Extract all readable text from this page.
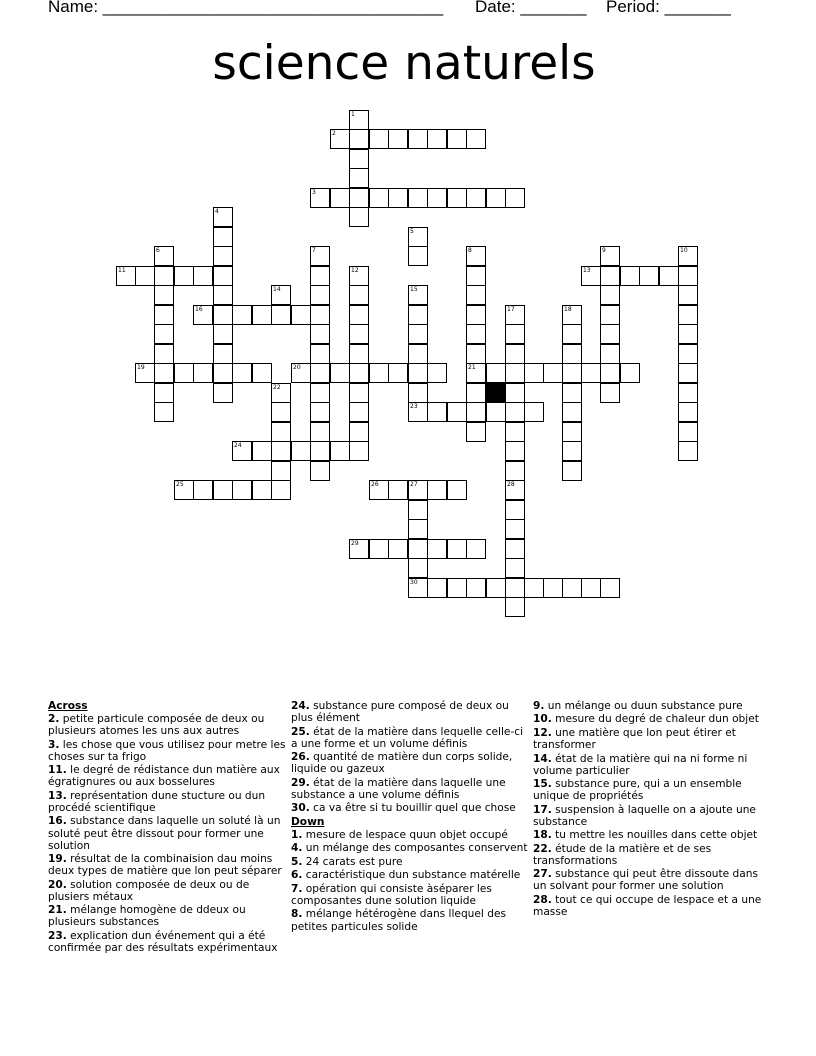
Name: ____________________________________ Date: _______ Period: _______
science naturels
1
2
3
4
5
6	7	8	9	10
11	12	13
14	15
16	17	18
19	20	21
22
24
25	26	27	28
29
30
23
Across
2. petite particule composée de deux ou plusieurs atomes les uns aux autres
3. les chose que vous utilisez pour metre les choses sur ta frigo
11. le degré de rédistance dun matière aux égratignures ou aux bosselures
13. représentation dune stucture ou dun procédé scientifique
16. substance dans laquelle un soluté là un soluté peut être dissout pour former une solution
19. résultat de la combinaision dau moins deux types de matière que lon peut séparer
20. solution composée de deux ou de plusiers métaux
21. mélange homogène de ddeux ou plusieurs substances
23. explication dun événement qui a été confirmée par des résultats expérimentaux
24. substance pure composé de deux ou plus élément
25. état de la matière dans lequelle celle-ci a une forme et un volume définis
26. quantité de matière dun corps solide, liquide ou gazeux
29. état de la matière dans laquelle une substance a une volume définis
30. ca va être si tu bouillir quel que chose
Down
1. mesure de lespace quun objet occupé
4. un mélange des composantes conservent
5. 24 carats est pure
6. caractéristique dun substance matérelle
7. opération qui consiste àséparer les composantes dune solution liquide
8. mélange hétérogène dans llequel des petites particules solide
9. un mélange ou duun substance pure
10. mesure du degré de chaleur dun objet
12. une matière que lon peut étirer et transformer
14. état de la matière qui na ni forme ni volume particulier
15. substance pure, qui a un ensemble unique de propriétés
17. suspension à laquelle on a ajoute une substance
18. tu mettre les nouilles dans cette objet
22. étude de la matière et de ses transformations
27. substance qui peut être dissoute dans un solvant pour former une solution
28. tout ce qui occupe de lespace et a une masse
